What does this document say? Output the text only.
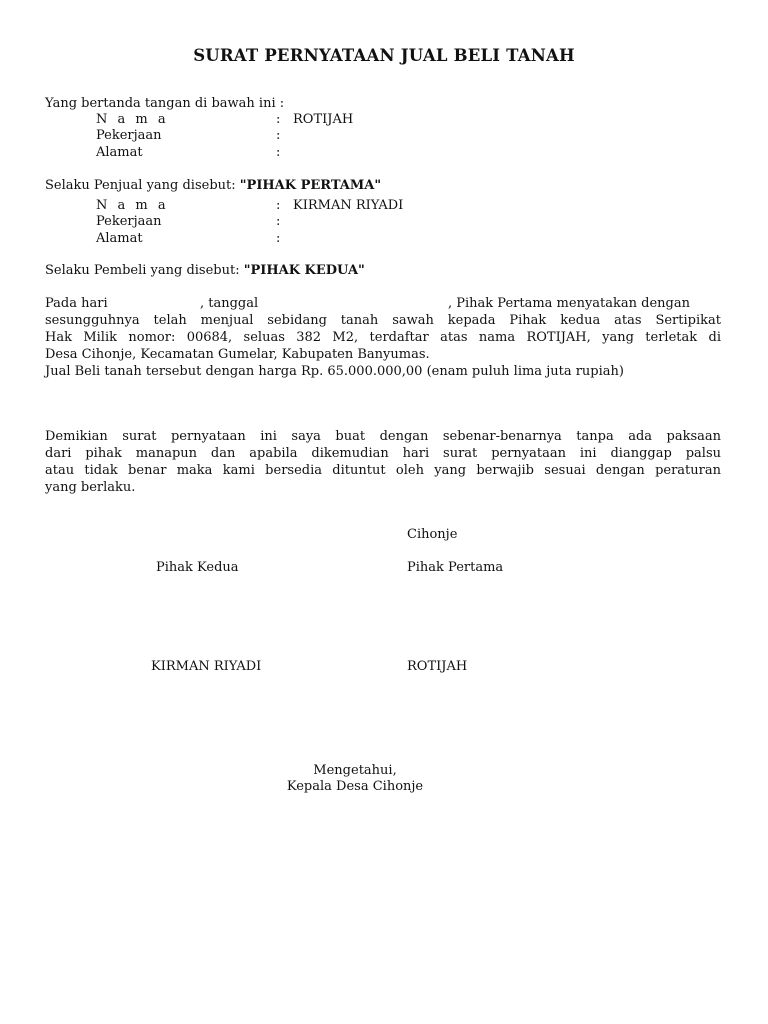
SURAT PERNYATAAN JUAL BELI TANAH
Yang bertanda tangan di bawah ini :
N a m a	: ROTIJAH
Pekerjaan	:
Alamat	:
Selaku Penjual yang disebut: "PIHAK PERTAMA"
N a m a	: KIRMAN RIYADI
Pekerjaan	:
Alamat	:
Selaku Pembeli yang disebut: "PIHAK KEDUA"
Pada hari	, tanggal	, Pihak Pertama menyatakan dengan
sesungguhnya telah menjual sebidang tanah sawah kepada Pihak kedua atas Sertipikat
Hak Milik nomor: 00684, seluas 382 M2, terdaftar atas nama ROTIJAH, yang terletak di
Desa Cihonje, Kecamatan Gumelar, Kabupaten Banyumas.
Jual Beli tanah tersebut dengan harga Rp. 65.000.000,00 (enam puluh lima juta rupiah)
Demikian surat pernyataan ini saya buat dengan sebenar-benarnya tanpa ada paksaan
dari pihak manapun dan apabila dikemudian hari surat pernyataan ini dianggap palsu
atau tidak benar maka kami bersedia dituntut oleh yang berwajib sesuai dengan peraturan
yang berlaku.
Cihonje
Pihak Kedua	Pihak Pertama
KIRMAN RIYADI	ROTIJAH
Mengetahui,
Kepala Desa Cihonje
